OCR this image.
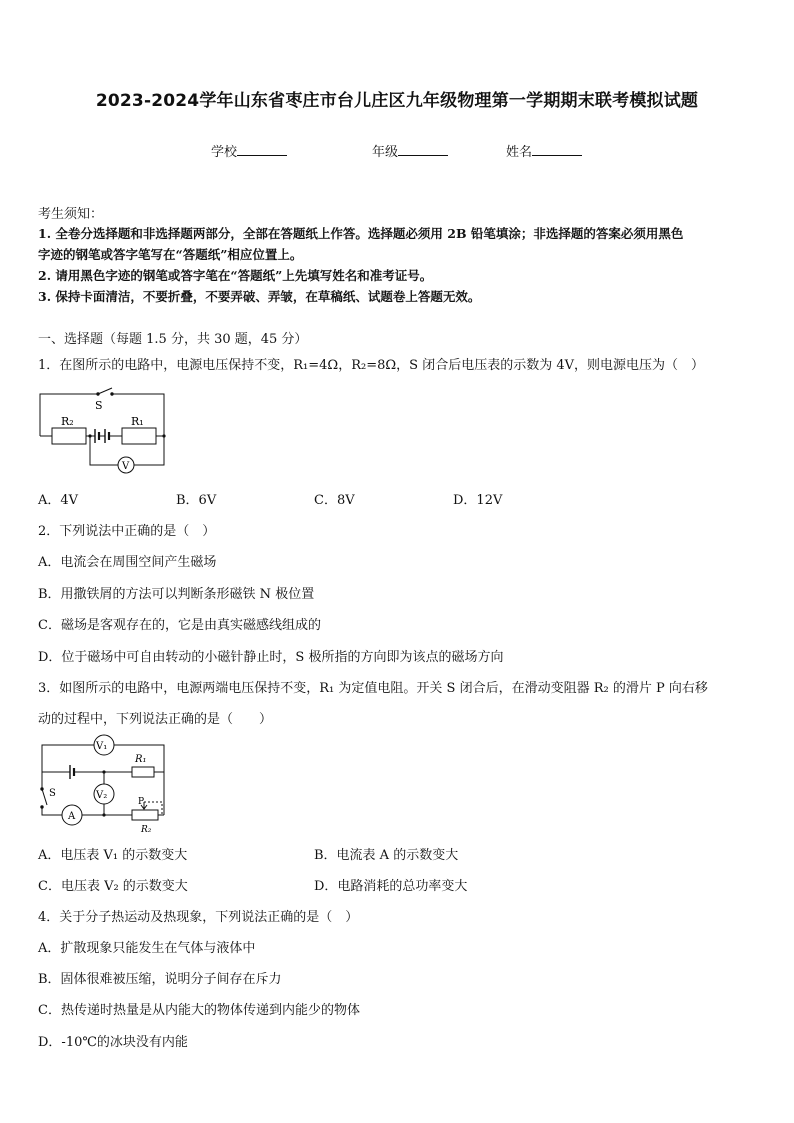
2023-2024学年山东省枣庄市台儿庄区九年级物理第一学期期末联考模拟试题
学校	年级	姓名
考生须知：
1. 全卷分选择题和非选择题两部分，全部在答题纸上作答。选择题必须用 2B 铅笔填涂；非选择题的答案必须用黑色
字迹的钢笔或答字笔写在“答题纸”相应位置上。
2. 请用黑色字迹的钢笔或答字笔在“答题纸”上先填写姓名和准考证号。
3. 保持卡面清洁，不要折叠，不要弄破、弄皱，在草稿纸、试题卷上答题无效。
一、选择题（每题 1.5 分，共 30 题，45 分）
1．在图所示的电路中，电源电压保持不变，R₁=4Ω，R₂=8Ω，S 闭合后电压表的示数为 4V，则电源电压为（　）
S
R₂	R₁
V
A．4V	B．6V	C．8V	D．12V
2．下列说法中正确的是（　）
A．电流会在周围空间产生磁场
B．用撒铁屑的方法可以判断条形磁铁 N 极位置
C．磁场是客观存在的，它是由真实磁感线组成的
D．位于磁场中可自由转动的小磁针静止时，S 极所指的方向即为该点的磁场方向
3．如图所示的电路中，电源两端电压保持不变，R₁ 为定值电阻。开关 S 闭合后，在滑动变阻器 R₂ 的滑片 P 向右移
动的过程中，下列说法正确的是（　　）
V₁
R₁
V₂
P
R₂
S
A
A．电压表 V₁ 的示数变大	B．电流表 A 的示数变大
C．电压表 V₂ 的示数变大	D．电路消耗的总功率变大
4．关于分子热运动及热现象，下列说法正确的是（　）
A．扩散现象只能发生在气体与液体中
B．固体很难被压缩，说明分子间存在斥力
C．热传递时热量是从内能大的物体传递到内能少的物体
D．-10℃的冰块没有内能
